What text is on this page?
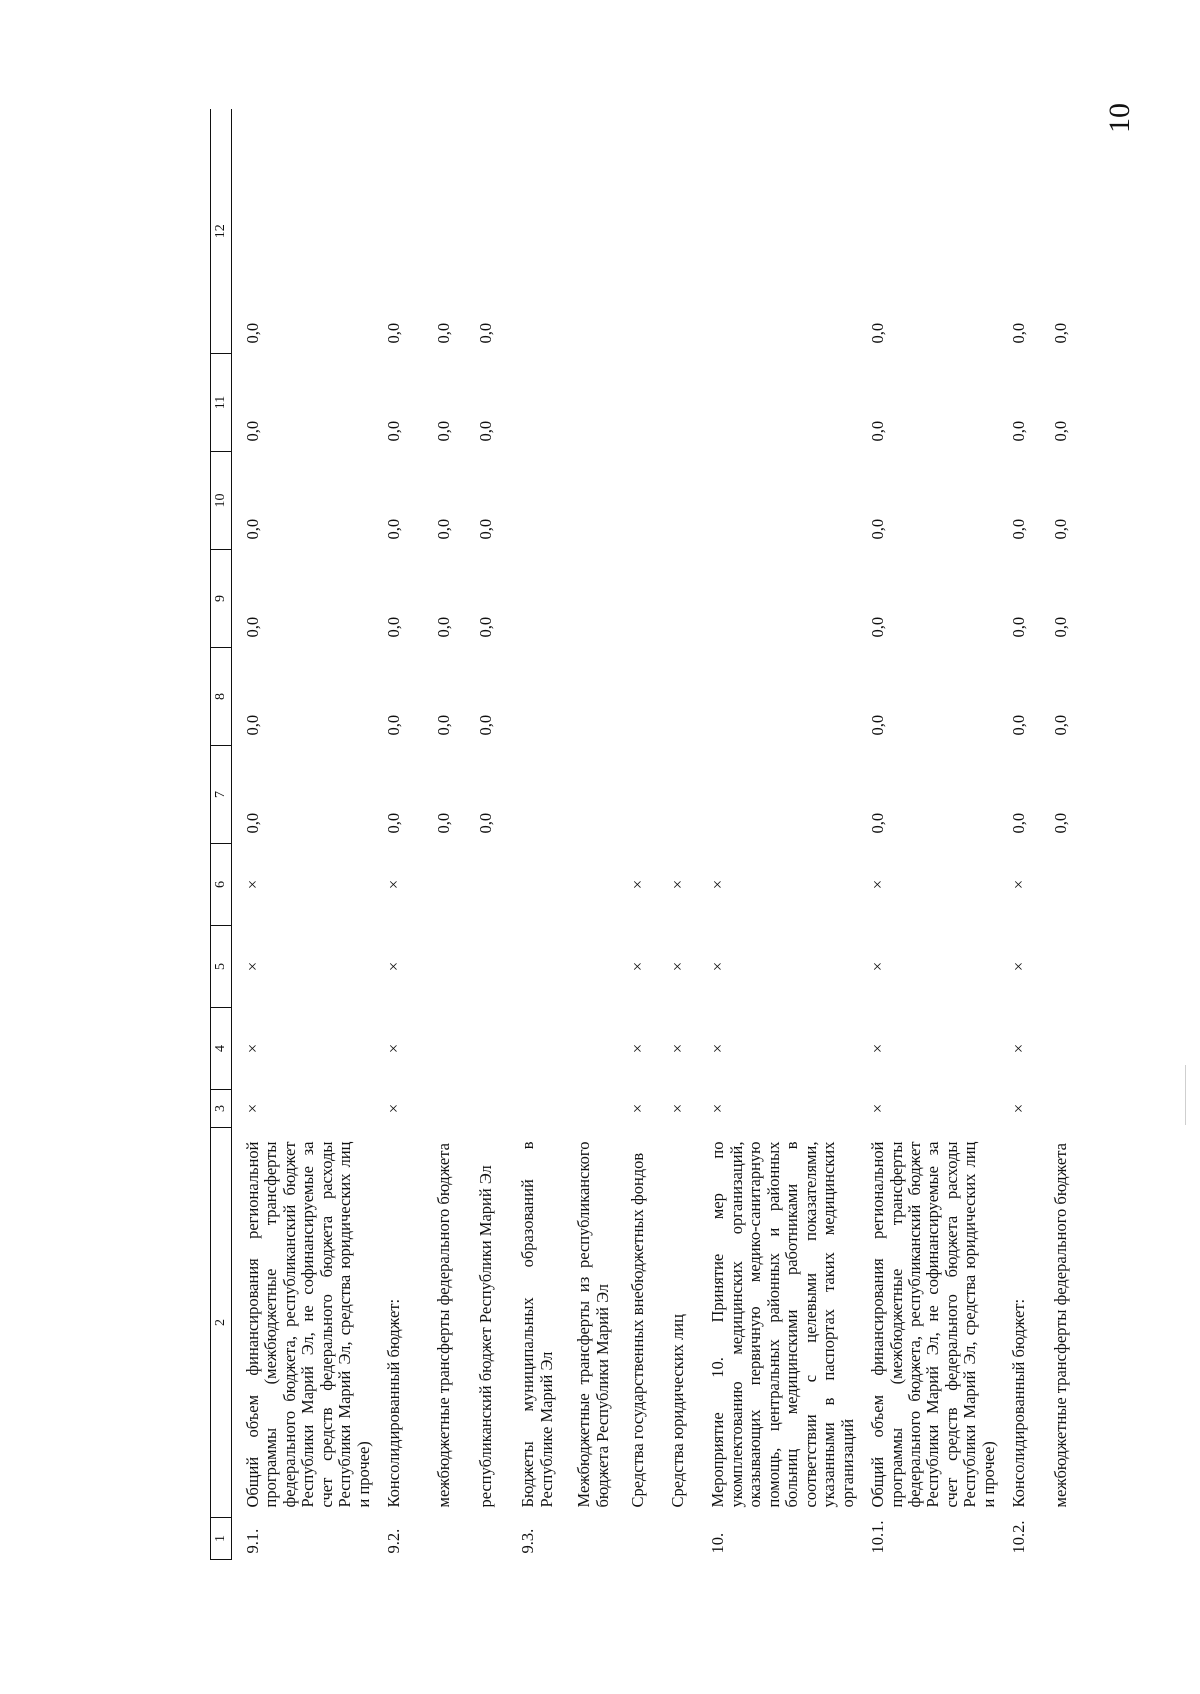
10
1	2	3	4	5	6	7	8	9	10	11	12
9.1.	Общий объем финансирования региональной программы (межбюджетные трансферты федерального бюджета, республиканский бюджет Республики Марий Эл, не софинансируемые за счет средств федерального бюджета расходы Республики Марий Эл, средства юридических лиц и прочее)	×	×	×	×	0,0	0,0	0,0	0,0	0,0	0,0
9.2.	Консолидированный бюджет:	×	×	×	×	0,0	0,0	0,0	0,0	0,0	0,0
	межбюджетные трансферты федерального бюджета					0,0	0,0	0,0	0,0	0,0	0,0
	республиканский бюджет Республики Марий Эл					0,0	0,0	0,0	0,0	0,0	0,0
9.3.	Бюджеты муниципальных образований в Республике Марий Эл										
	Межбюджетные трансферты из республиканского бюджета Республики Марий Эл										
	Средства государственных внебюджетных фондов	×	×	×	×						
	Средства юридических лиц	×	×	×	×						
10.	Мероприятие 10. Принятие мер по укомплектованию медицинских организаций, оказывающих первичную медико-санитарную помощь, центральных районных и районных больниц медицинскими работниками в соответствии с целевыми показателями, указанными в паспортах таких медицинских организаций	×	×	×	×						
10.1.	Общий объем финансирования региональной программы (межбюджетные трансферты федерального бюджета, республиканский бюджет Республики Марий Эл, не софинансируемые за счет средств федерального бюджета расходы Республики Марий Эл, средства юридических лиц и прочее)	×	×	×	×	0,0	0,0	0,0	0,0	0,0	0,0
10.2.	Консолидированный бюджет:	×	×	×	×	0,0	0,0	0,0	0,0	0,0	0,0
	межбюджетные трансферты федерального бюджета					0,0	0,0	0,0	0,0	0,0	0,0
